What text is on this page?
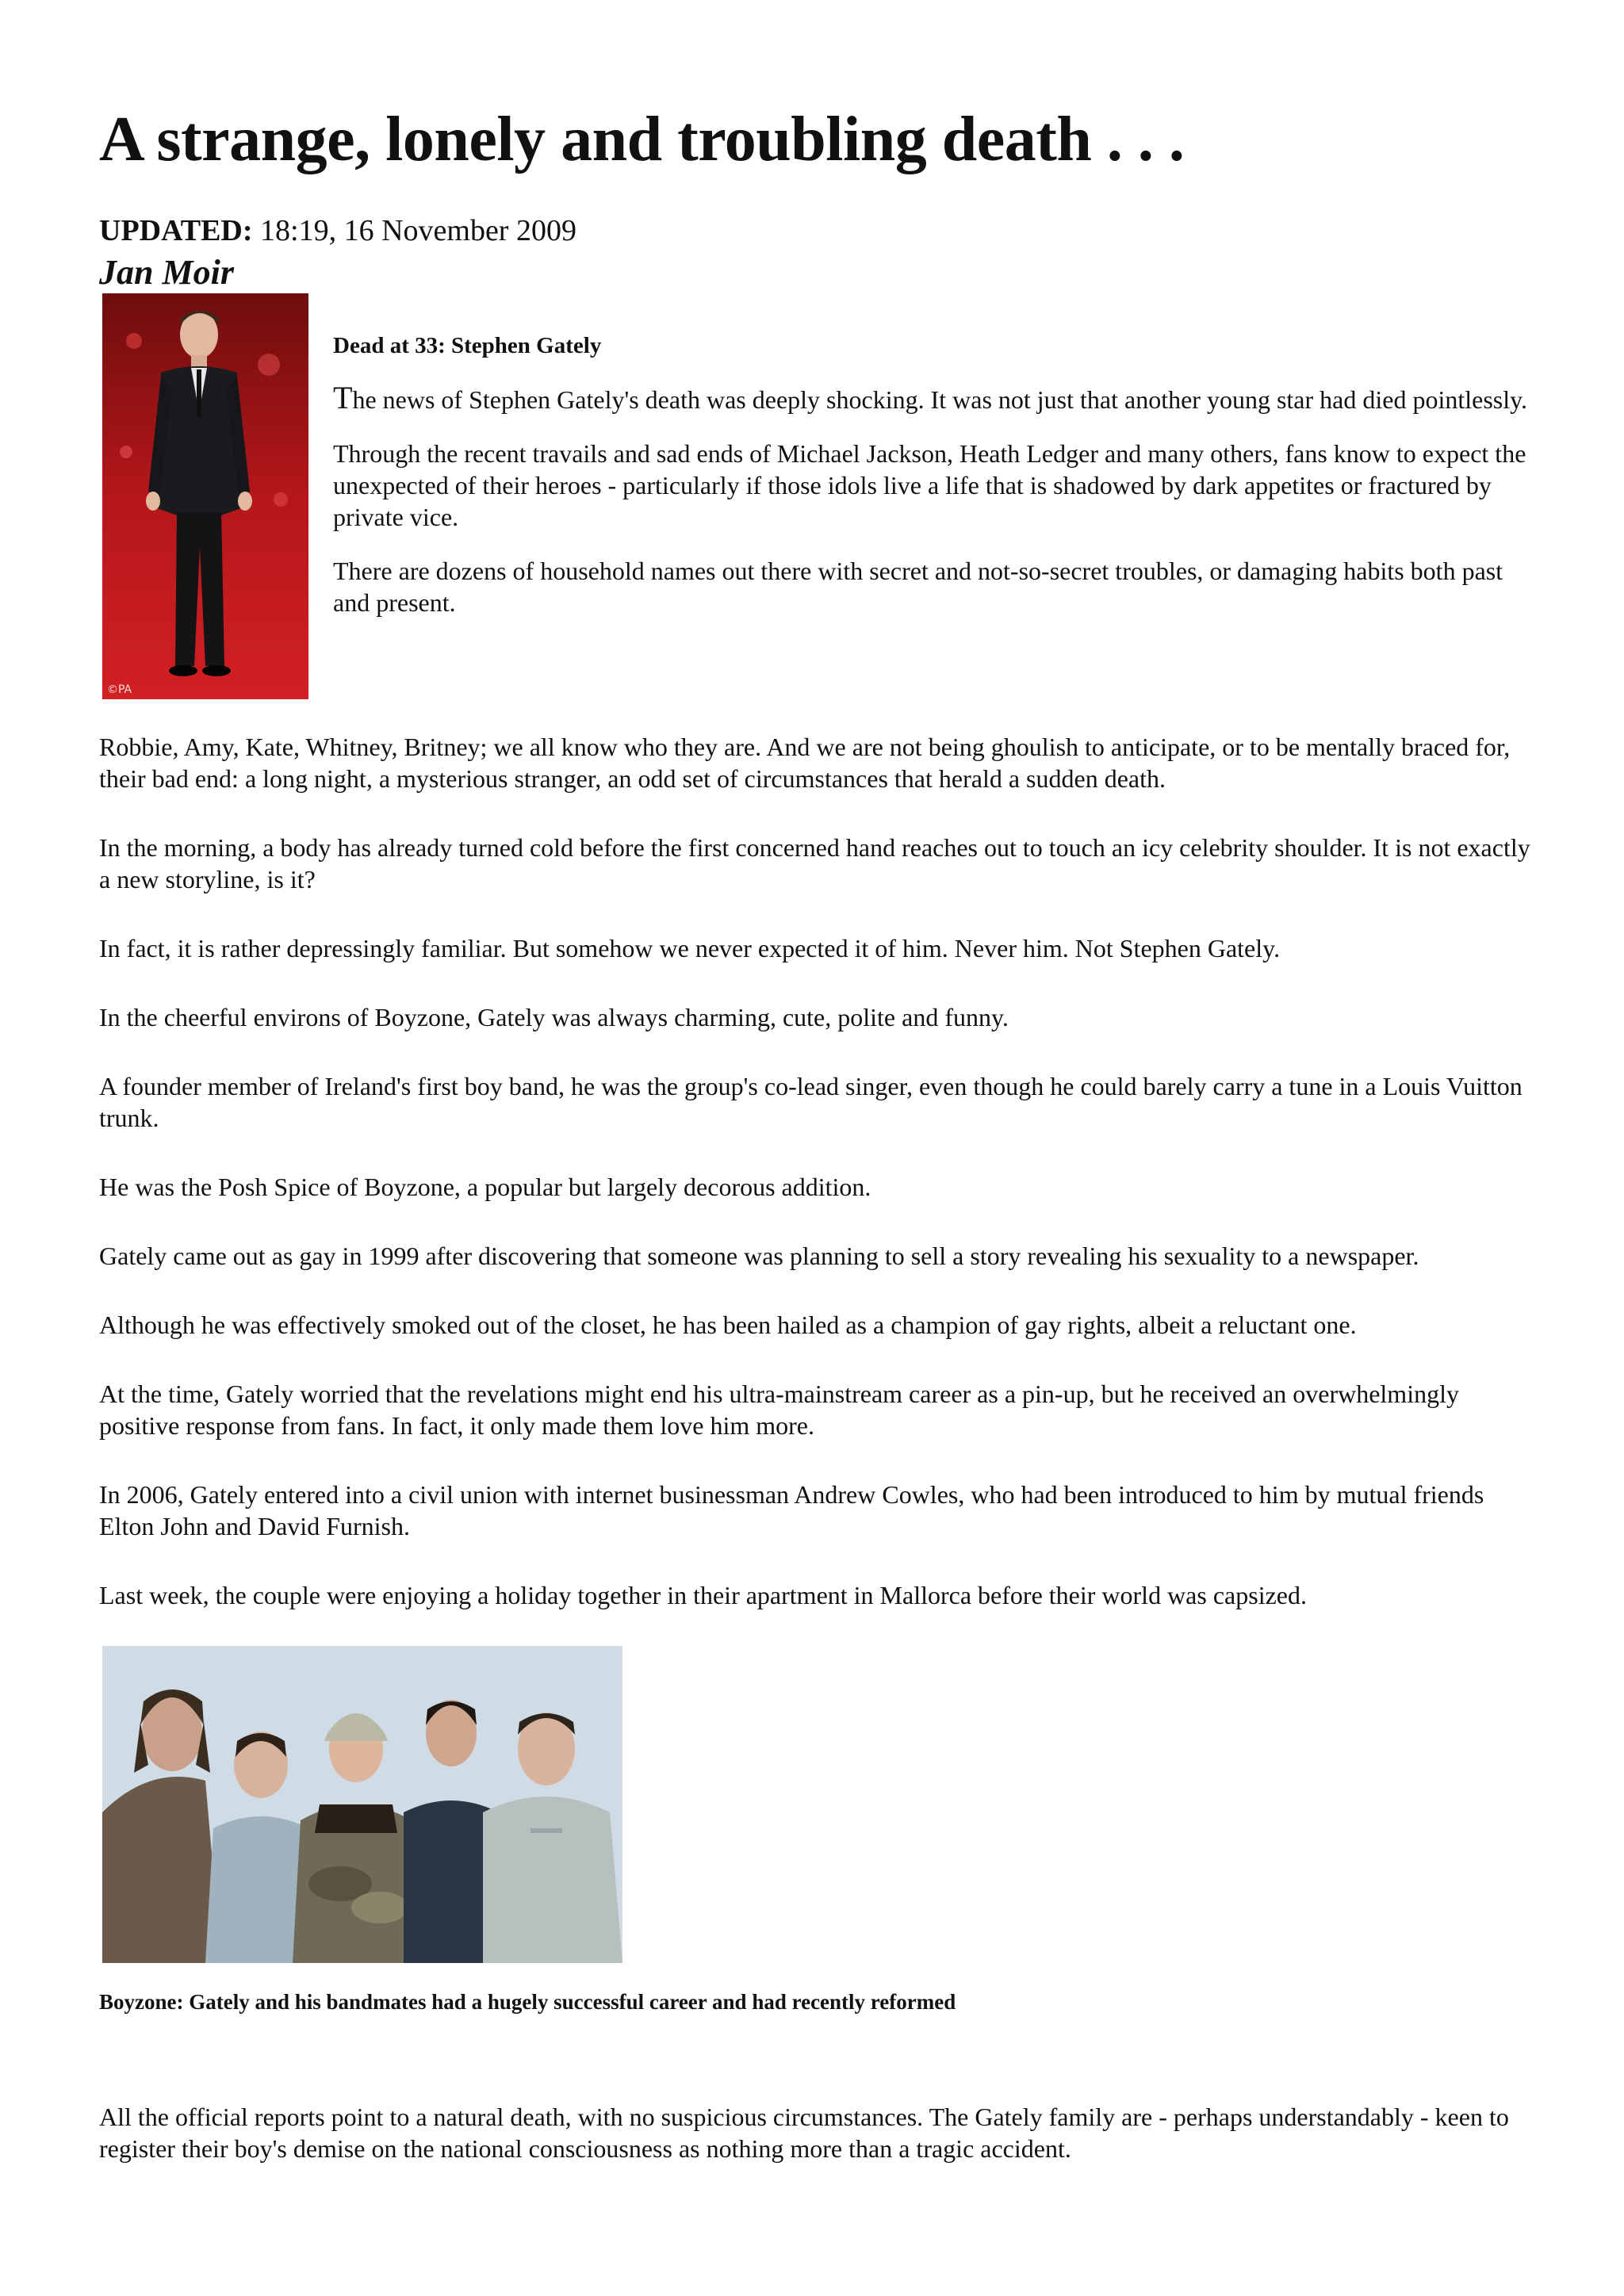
A strange, lonely and troubling death . . .
UPDATED: 18:19, 16 November 2009
Jan Moir
©PA

Dead at 33: Stephen Gately

The news of Stephen Gately's death was deeply shocking. It was not just that another young star had died pointlessly.

Through the recent travails and sad ends of Michael Jackson, Heath Ledger and many others, fans know to expect the unexpected of their heroes - particularly if those idols live a life that is shadowed by dark appetites or fractured by private vice.

There are dozens of household names out there with secret and not-so-secret troubles, or damaging habits both past and present.

Robbie, Amy, Kate, Whitney, Britney; we all know who they are. And we are not being ghoulish to anticipate, or to be mentally braced for, their bad end: a long night, a mysterious stranger, an odd set of circumstances that herald a sudden death.

In the morning, a body has already turned cold before the first concerned hand reaches out to touch an icy celebrity shoulder. It is not exactly a new storyline, is it?

In fact, it is rather depressingly familiar. But somehow we never expected it of him. Never him. Not Stephen Gately.

In the cheerful environs of Boyzone, Gately was always charming, cute, polite and funny.

A founder member of Ireland's first boy band, he was the group's co-lead singer, even though he could barely carry a tune in a Louis Vuitton trunk.

He was the Posh Spice of Boyzone, a popular but largely decorous addition.

Gately came out as gay in 1999 after discovering that someone was planning to sell a story revealing his sexuality to a newspaper.

Although he was effectively smoked out of the closet, he has been hailed as a champion of gay rights, albeit a reluctant one.

At the time, Gately worried that the revelations might end his ultra-mainstream career as a pin-up, but he received an overwhelmingly positive response from fans. In fact, it only made them love him more.

In 2006, Gately entered into a civil union with internet businessman Andrew Cowles, who had been introduced to him by mutual friends Elton John and David Furnish.

Last week, the couple were enjoying a holiday together in their apartment in Mallorca before their world was capsized.

Boyzone: Gately and his bandmates had a hugely successful career and had recently reformed

All the official reports point to a natural death, with no suspicious circumstances. The Gately family are - perhaps understandably - keen to register their boy's demise on the national consciousness as nothing more than a tragic accident.
